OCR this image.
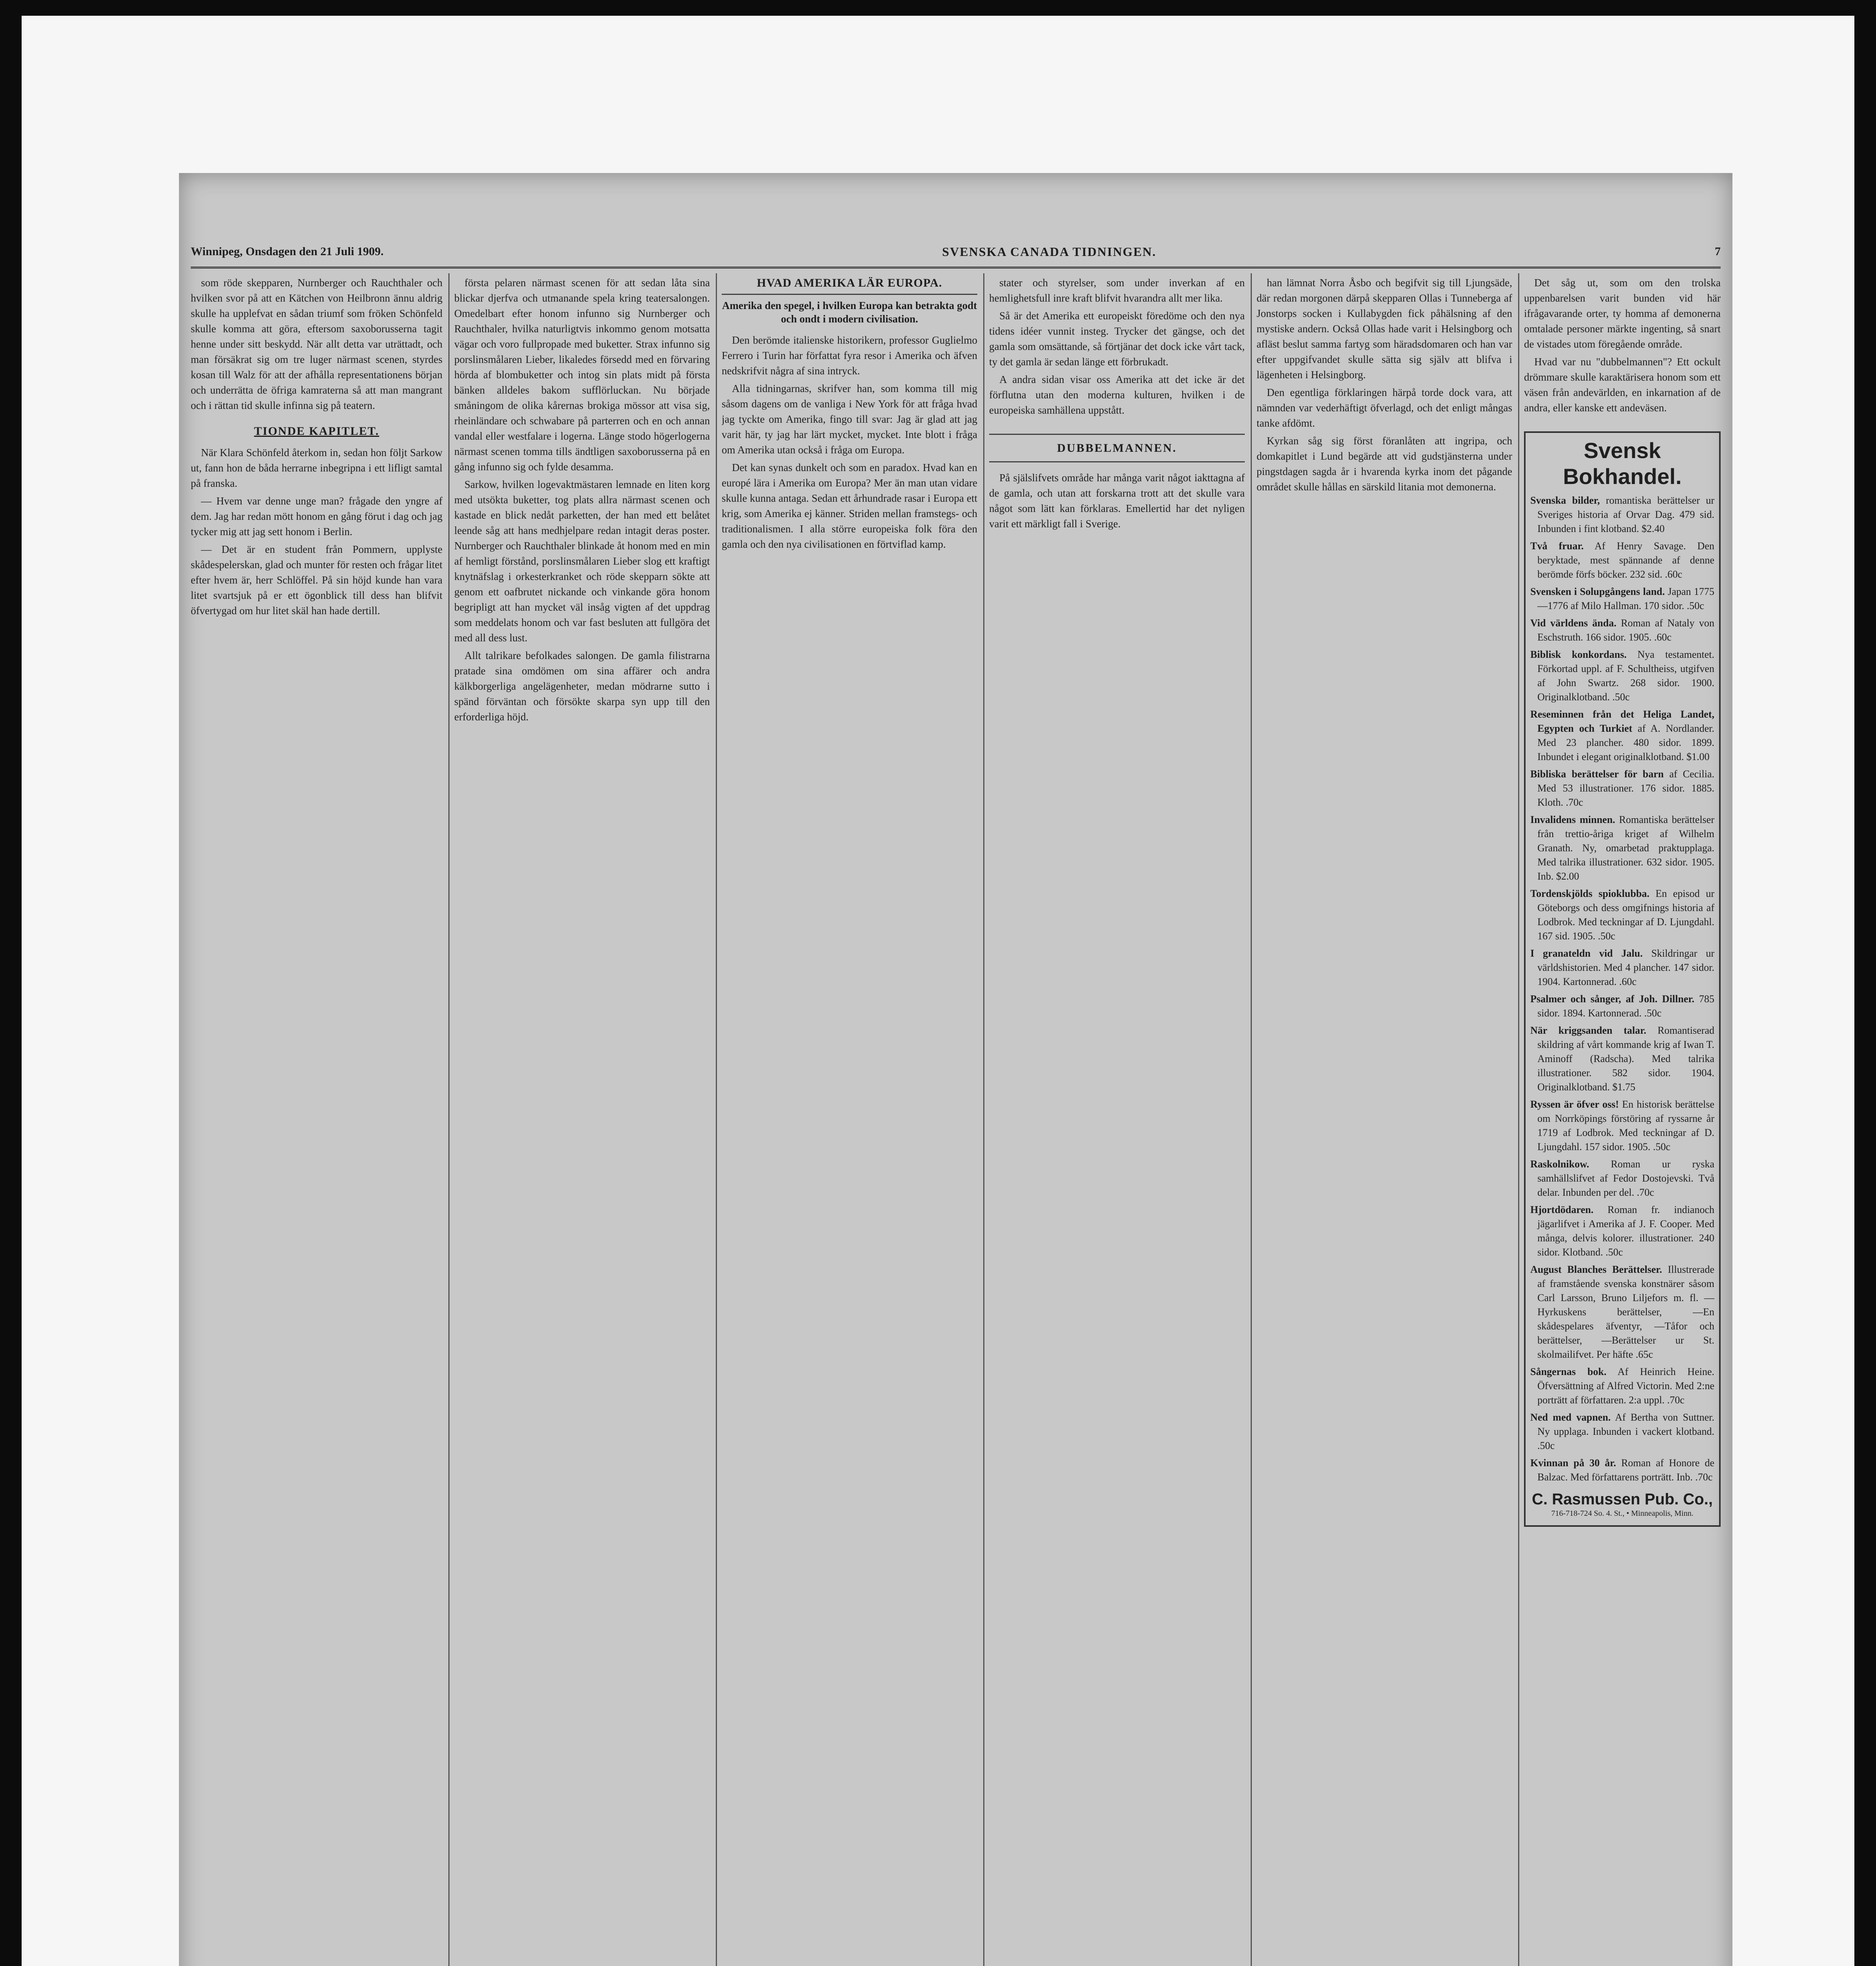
Winnipeg, Onsdagen den 21 Juli 1909.	SVENSKA CANADA TIDNINGEN.	7

som röde skepparen, Nurnberger och Rauchthaler och hvilken svor på att en Kätchen von Heilbronn ännu aldrig skulle ha upplefvat en sådan triumf som fröken Schönfeld skulle komma att göra, eftersom saxoborusserna tagit henne under sitt beskydd. När allt detta var uträttadt, och man försäkrat sig om tre luger närmast scenen, styrdes kosan till Walz för att der afhålla representationens början och underrätta de öfriga kamraterna så att man mangrant och i rättan tid skulle infinna sig på teatern.

TIONDE KAPITLET.

När Klara Schönfeld återkom in, sedan hon följt Sarkow ut, fann hon de båda herrarne inbegripna i ett lifligt samtal på franska.

— Hvem var denne unge man? frågade den yngre af dem. Jag har redan mött honom en gång förut i dag och jag tycker mig att jag sett honom i Berlin.

— Det är en student från Pommern, upplyste skådespelerskan, glad och munter för resten och frågar litet efter hvem är, herr Schlöffel. På sin höjd kunde han vara litet svartsjuk på er ett ögonblick till dess han blifvit öfvertygad om hur litet skäl han hade dertill.

första pelaren närmast scenen för att sedan låta sina blickar djerfva och utmanande spela kring teatersalongen. Omedelbart efter honom infunno sig Nurnberger och Rauchthaler, hvilka naturligtvis inkommo genom motsatta vägar och voro fullpropade med buketter. Strax infunno sig porslinsmålaren Lieber, likaledes försedd med en förvaring hörda af blombuketter och intog sin plats midt på första bänken alldeles bakom sufflörluckan. Nu började småningom de olika kårernas brokiga mössor att visa sig, rheinländare och schwabare på parterren och en och annan vandal eller westfalare i logerna. Länge stodo högerlogerna närmast scenen tomma tills ändtligen saxoborusserna på en gång infunno sig och fylde desamma.

Sarkow, hvilken logevaktmästaren lemnade en liten korg med utsökta buketter, tog plats allra närmast scenen och kastade en blick nedåt parketten, der han med ett belåtet leende såg att hans medhjelpare redan intagit deras poster. Nurnberger och Rauchthaler blinkade åt honom med en min af hemligt förstånd, porslinsmålaren Lieber slog ett kraftigt knytnäfslag i orkesterkranket och röde skepparn sökte att genom ett oafbrutet nickande och vinkande göra honom begripligt att han mycket väl insåg vigten af det uppdrag som meddelats honom och var fast besluten att fullgöra det med all dess lust.

Allt talrikare befolkades salongen. De gamla filistrarna pratade sina omdömen om sina affärer och andra kälkborgerliga angelägenheter, medan mödrarne sutto i spänd förväntan och försökte skarpa syn upp till den erforderliga höjd.

HVAD AMERIKA LÄR EUROPA.
Amerika den spegel, i hvilken Europa kan betrakta godt och ondt i modern civilisation.

Den berömde italienske historikern, professor Guglielmo Ferrero i Turin har författat fyra resor i Amerika och äfven nedskrifvit några af sina intryck.

Alla tidningarnas, skrifver han, som komma till mig såsom dagens om de vanliga i New York för att fråga hvad jag tyckte om Amerika, fingo till svar: Jag är glad att jag varit här, ty jag har lärt mycket, mycket. Inte blott i fråga om Amerika utan också i fråga om Europa.

Det kan synas dunkelt och som en paradox. Hvad kan en europé lära i Amerika om Europa? Mer än man utan vidare skulle kunna antaga. Sedan ett århundrade rasar i Europa ett krig, som Amerika ej känner. Striden mellan framstegs- och traditionalismen. I alla större europeiska folk föra den gamla och den nya civilisationen en förtviflad kamp.

stater och styrelser, som under inverkan af en hemlighetsfull inre kraft blifvit hvarandra allt mer lika.

Så är det Amerika ett europeiskt föredöme och den nya tidens idéer vunnit insteg. Trycker det gängse, och det gamla som omsättande, så förtjänar det dock icke vårt tack, ty det gamla är sedan länge ett förbrukadt.

A andra sidan visar oss Amerika att det icke är det förflutna utan den moderna kulturen, hvilken i de europeiska samhällena uppstått.

DUBBELMANNEN.

På själslifvets område har många varit något iakttagna af de gamla, och utan att forskarna trott att det skulle vara något som lätt kan förklaras. Emellertid har det nyligen varit ett märkligt fall i Sverige.

han lämnat Norra Åsbo och begifvit sig till Ljungsäde, där redan morgonen därpå skepparen Ollas i Tunneberga af Jonstorps socken i Kullabygden fick påhälsning af den mystiske andern. Också Ollas hade varit i Helsingborg och afläst beslut samma fartyg som häradsdomaren och han var efter uppgifvandet skulle sätta sig själv att blifva i lägenheten i Helsingborg.

Den egentliga förklaringen härpå torde dock vara, att nämnden var vederhäftigt öfverlagd, och det enligt mångas tanke afdömt.

Kyrkan såg sig först föranlåten att ingripa, och domkapitlet i Lund begärde att vid gudstjänsterna under pingstdagen sagda år i hvarenda kyrka inom det pågande området skulle hållas en särskild litania mot demonerna.

Det såg ut, som om den trolska uppenbarelsen varit bunden vid här ifrågavarande orter, ty homma af demonerna omtalade personer märkte ingenting, så snart de vistades utom föregående område.

Hvad var nu "dubbelmannen"? Ett ockult drömmare skulle karaktärisera honom som ett väsen från andevärlden, en inkarnation af de andra, eller kanske ett andeväsen.

Svensk Bokhandel.
Svenska bilder, romantiska berättelser ur Sveriges historia af Orvar Dag. 479 sid. Inbunden i fint klotband. $2.40
Två fruar. Af Henry Savage. Den beryktade, mest spännande af denne berömde förfs böcker. 232 sid. .60c
Svensken i Solupgångens land. Japan 1775—1776 af Milo Hallman. 170 sidor. .50c
Vid världens ända. Roman af Nataly von Eschstruth. 166 sidor. 1905. .60c
Biblisk konkordans. Nya testamentet. Förkortad uppl. af F. Schultheiss, utgifven af John Swartz. 268 sidor. 1900. Originalklotband. .50c
Reseminnen från det Heliga Landet, Egypten och Turkiet af A. Nordlander. Med 23 plancher. 480 sidor. 1899. Inbundet i elegant originalklotband. $1.00
Bibliska berättelser för barn af Cecilia. Med 53 illustrationer. 176 sidor. 1885. Kloth. .70c
Invalidens minnen. Romantiska berättelser från trettio-åriga kriget af Wilhelm Granath. Ny, omarbetad praktupplaga. Med talrika illustrationer. 632 sidor. 1905. Inb. $2.00
Tordenskjölds spioklubba. En episod ur Göteborgs och dess omgifnings historia af Lodbrok. Med teckningar af D. Ljungdahl. 167 sid. 1905. .50c
I granateldn vid Jalu. Skildringar ur världshistorien. Med 4 plancher. 147 sidor. 1904. Kartonnerad. .60c
Psalmer och sånger, af Joh. Dillner. 785 sidor. 1894. Kartonnerad. .50c
När kriggsanden talar. Romantiserad skildring af vårt kommande krig af Iwan T. Aminoff (Radscha). Med talrika illustrationer. 582 sidor. 1904. Originalklotband. $1.75
Ryssen är öfver oss! En historisk berättelse om Norrköpings förstöring af ryssarne år 1719 af Lodbrok. Med teckningar af D. Ljungdahl. 157 sidor. 1905. .50c
Raskolnikow. Roman ur ryska samhällslifvet af Fedor Dostojevski. Två delar. Inbunden per del. .70c
Hjortdödaren. Roman fr. indianoch jägarlifvet i Amerika af J. F. Cooper. Med många, delvis kolorer. illustrationer. 240 sidor. Klotband. .50c
August Blanches Berättelser. Illustrerade af framstående svenska konstnärer såsom Carl Larsson, Bruno Liljefors m. fl. —Hyrkuskens berättelser, —En skådespelares äfventyr, —Tåfor och berättelser, —Berättelser ur St. skolmailifvet. Per häfte .65c
Sångernas bok. Af Heinrich Heine. Öfversättning af Alfred Victorin. Med 2:ne porträtt af författaren. 2:a uppl. .70c
Ned med vapnen. Af Bertha von Suttner. Ny upplaga. Inbunden i vackert klotband. .50c
Kvinnan på 30 år. Roman af Honore de Balzac. Med författarens porträtt. Inb. .70c
C. Rasmussen Pub. Co.,
716-718-724 So. 4. St., • Minneapolis, Minn.
